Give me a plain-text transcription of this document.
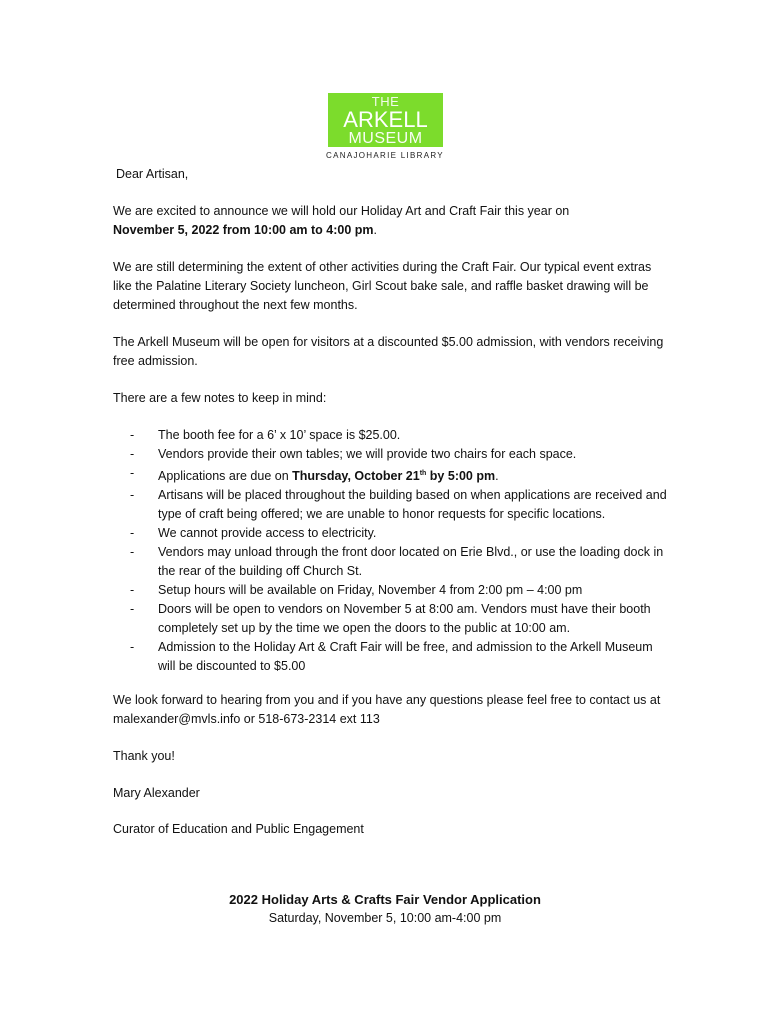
THE
ARKELL
MUSEUM
CANAJOHARIE LIBRARY
Dear Artisan,
We are excited to announce we will hold our Holiday Art and Craft Fair this year on
November 5, 2022 from 10:00 am to 4:00 pm.
We are still determining the extent of other activities during the Craft Fair. Our typical event extras like the Palatine Literary Society luncheon, Girl Scout bake sale, and raffle basket drawing will be determined throughout the next few months.
The Arkell Museum will be open for visitors at a discounted $5.00 admission, with vendors receiving free admission.
There are a few notes to keep in mind:
- The booth fee for a 6’ x 10’ space is $25.00.
- Vendors provide their own tables; we will provide two chairs for each space.
- Applications are due on Thursday, October 21th by 5:00 pm.
- Artisans will be placed throughout the building based on when applications are received and type of craft being offered; we are unable to honor requests for specific locations.
- We cannot provide access to electricity.
- Vendors may unload through the front door located on Erie Blvd., or use the loading dock in the rear of the building off Church St.
- Setup hours will be available on Friday, November 4 from 2:00 pm – 4:00 pm
- Doors will be open to vendors on November 5 at 8:00 am. Vendors must have their booth completely set up by the time we open the doors to the public at 10:00 am.
- Admission to the Holiday Art & Craft Fair will be free, and admission to the Arkell Museum will be discounted to $5.00
We look forward to hearing from you and if you have any questions please feel free to contact us at malexander@mvls.info or 518-673-2314 ext 113
Thank you!
Mary Alexander
Curator of Education and Public Engagement
2022 Holiday Arts & Crafts Fair Vendor Application
Saturday, November 5, 10:00 am-4:00 pm
